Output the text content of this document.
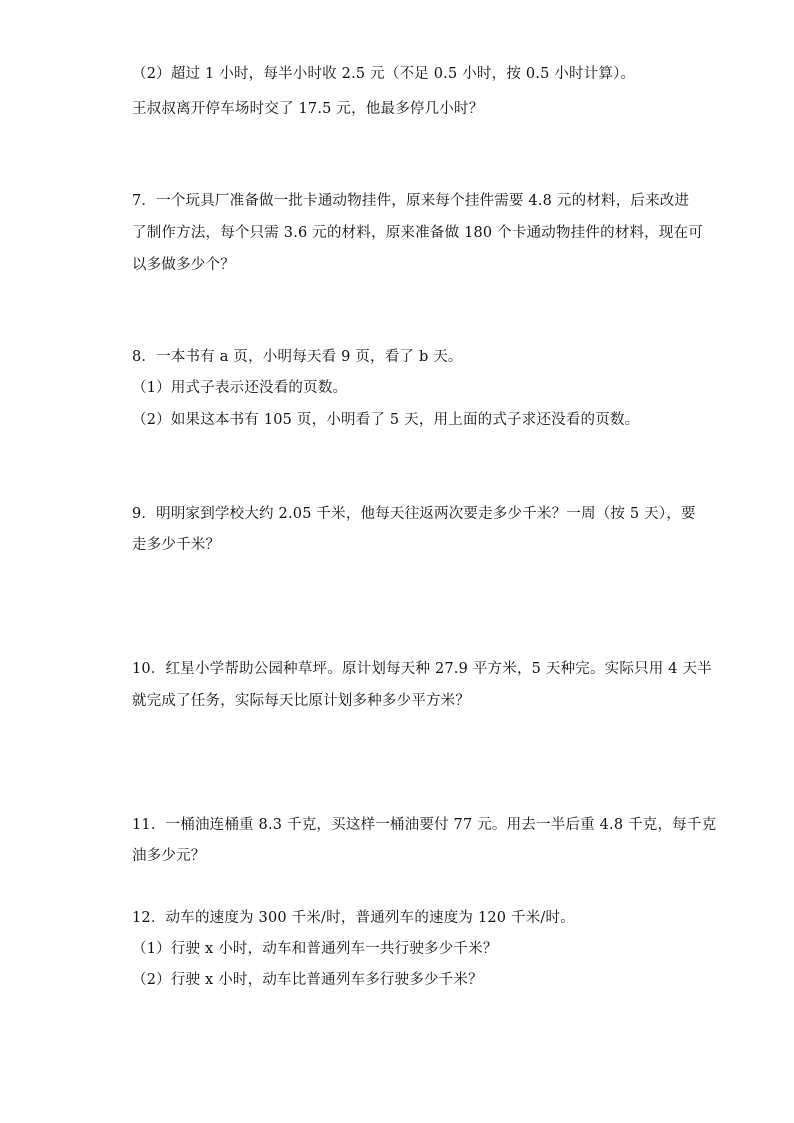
（2）超过 1 小时，每半小时收 2.5 元（不足 0.5 小时，按 0.5 小时计算）。
王叔叔离开停车场时交了 17.5 元，他最多停几小时？
7．一个玩具厂准备做一批卡通动物挂件，原来每个挂件需要 4.8 元的材料，后来改进
了制作方法，每个只需 3.6 元的材料，原来准备做 180 个卡通动物挂件的材料，现在可
以多做多少个？
8．一本书有 a 页，小明每天看 9 页，看了 b 天。
（1）用式子表示还没看的页数。
（2）如果这本书有 105 页，小明看了 5 天，用上面的式子求还没看的页数。
9．明明家到学校大约 2.05 千米，他每天往返两次要走多少千米？一周（按 5 天），要
走多少千米？
10．红星小学帮助公园种草坪。原计划每天种 27.9 平方米，5 天种完。实际只用 4 天半
就完成了任务，实际每天比原计划多种多少平方米？
11．一桶油连桶重 8.3 千克，买这样一桶油要付 77 元。用去一半后重 4.8 千克，每千克
油多少元？
12．动车的速度为 300 千米/时，普通列车的速度为 120 千米/时。
（1）行驶 x 小时，动车和普通列车一共行驶多少千米？
（2）行驶 x 小时，动车比普通列车多行驶多少千米？
